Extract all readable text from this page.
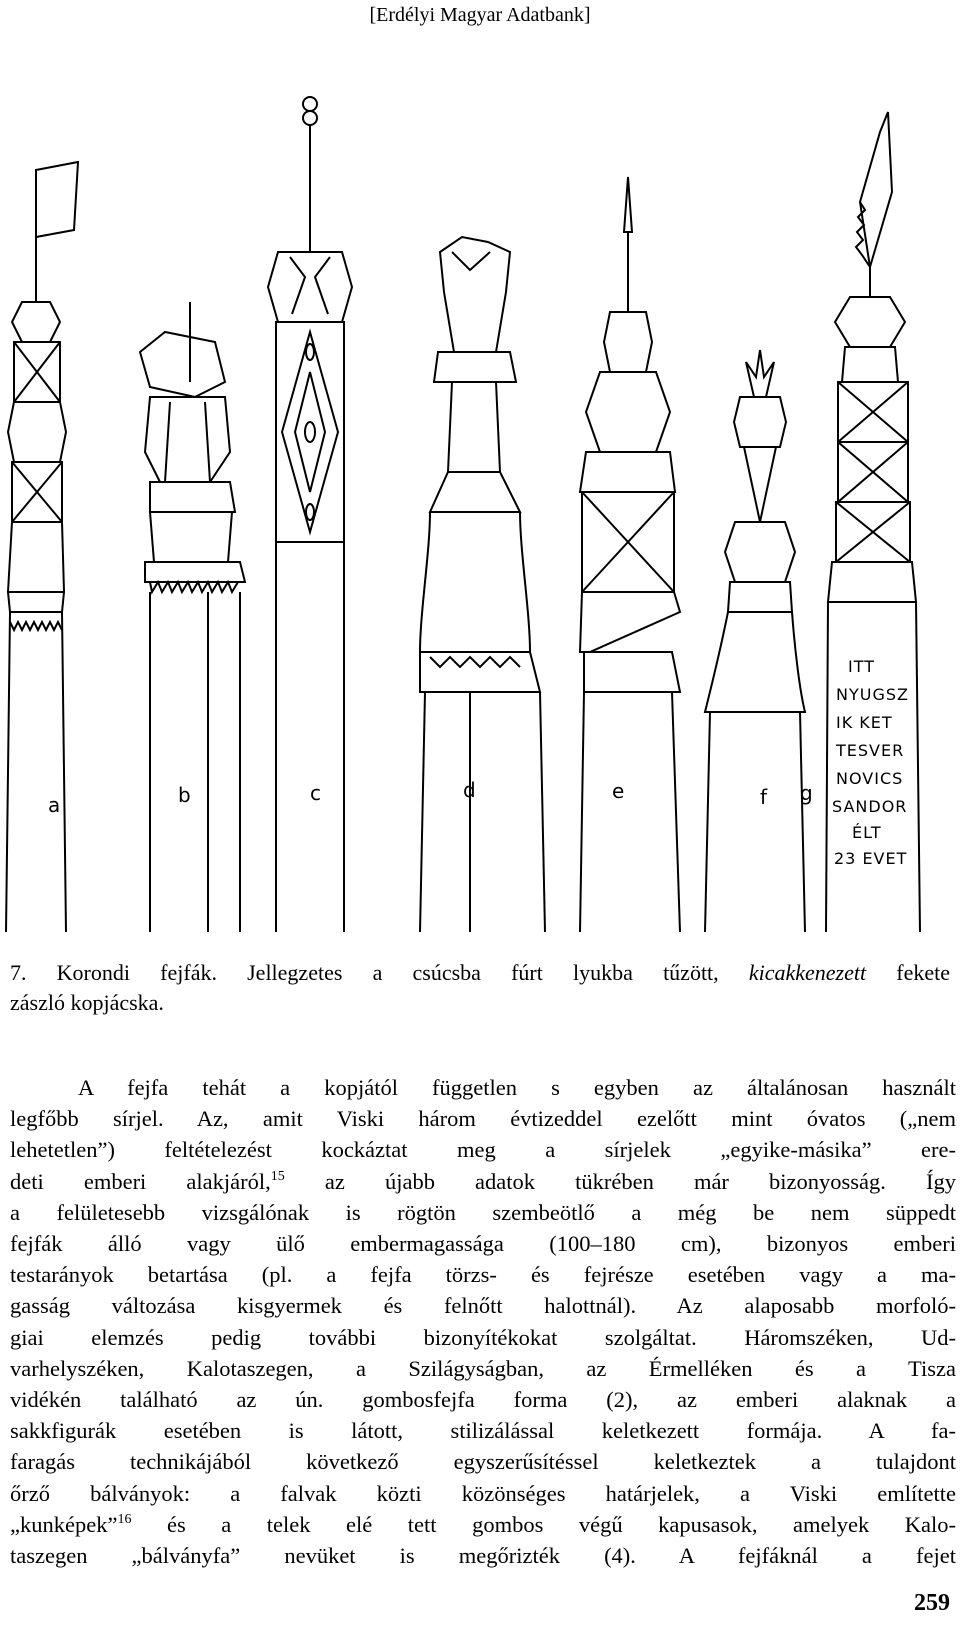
[Erdélyi Magyar Adatbank]
a	b	c	d	e	f g
ITT
NYUGSZ
IK KET
TESVER
NOVICS
SANDOR
ÉLT
23 EVET
7. Korondi fejfák. Jellegzetes a csúcsba fúrt lyukba tűzött, kicakkenezett fekete
zászló kopjácska.
A fejfa tehát a kopjától független s egyben az általánosan használt
legfőbb sírjel. Az, amit Viski három évtizeddel ezelőtt mint óvatos („nem
lehetetlen”) feltételezést kockáztat meg a sírjelek „egyike-másika” ere-
deti emberi alakjáról,$^{15}$ az újabb adatok tükrében már bizonyosság. Így
a felületesebb vizsgálónak is rögtön szembeötlő a még be nem süppedt
fejfák álló vagy ülő embermagassága (100–180 cm), bizonyos emberi
testarányok betartása (pl. a fejfa törzs- és fejrésze esetében vagy a ma-
gasság változása kisgyermek és felnőtt halottnál). Az alaposabb morfoló-
giai elemzés pedig további bizonyítékokat szolgáltat. Háromszéken, Ud-
varhelyszéken, Kalotaszegen, a Szilágyságban, az Érmelléken és a Tisza
vidékén található az ún. gombosfejfa forma (2), az emberi alaknak a
sakkfigurák esetében is látott, stilizálással keletkezett formája. A fa-
faragás technikájából következő egyszerűsítéssel keletkeztek a tulajdont
őrző bálványok: a falvak közti közönséges határjelek, a Viski említette
„kunképek”$^{16}$ és a telek elé tett gombos végű kapusasok, amelyek Kalo-
taszegen „bálványfa” nevüket is megőrizték (4). A fejfáknál a fejet
259
